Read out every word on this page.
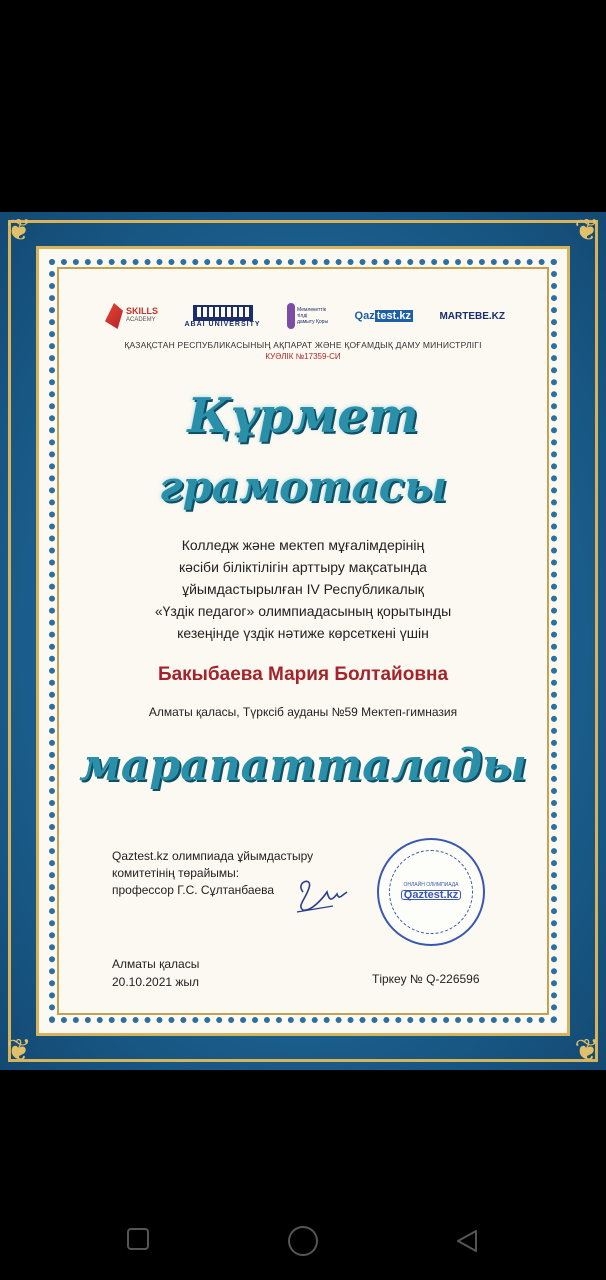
❦	❦
❦	❦
SKILLS
ACADEMY
ABAI UNIVERSITY
Мемлекеттік
тілді
дамыту Қоры Qaz test.kz	MARTEBE.KZ
ҚАЗАҚСТАН РЕСПУБЛИКАСЫНЫҢ АҚПАРАТ ЖӘНЕ ҚОҒАМДЫҚ ДАМУ МИНИСТРЛІГІ
КУӘЛІК №17359-СИ
Құрмет
грамотасы
Колледж және мектеп мұғалімдерінің
кәсіби біліктілігін арттыру мақсатында
ұйымдастырылған IV Республикалық
«Үздік педагог» олимпиадасының қорытынды
кезеңінде үздік нәтиже көрсеткені үшін
Бакыбаева Мария Болтайовна
Алматы қаласы, Түрксіб ауданы №59 Мектеп-гимназия
марапатталады
Qaztest.kz олимпиада ұйымдастыру
комитетінің төрайымы:
профессор Г.С. Сұлтанбаева	ОНЛАЙН ОЛИМПИАДА
Qaztest.kz
Алматы қаласы
20.10.2021 жыл	Тіркеу № Q-226596
